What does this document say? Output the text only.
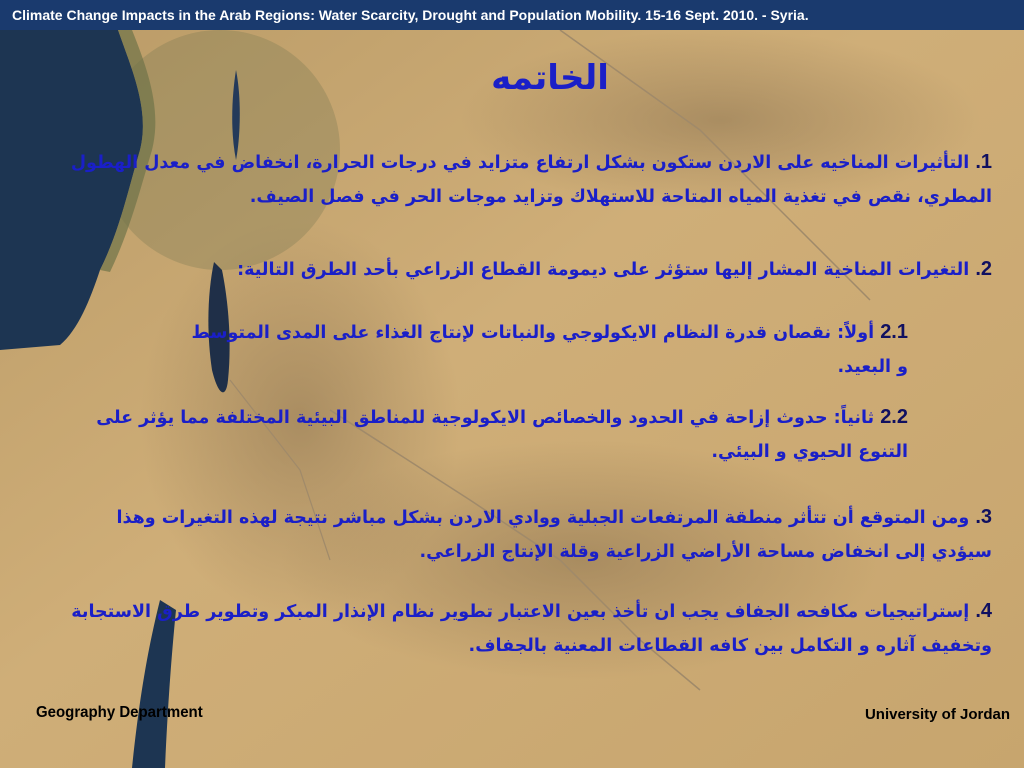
Climate Change Impacts in the Arab Regions: Water Scarcity, Drought and Population Mobility. 15-16 Sept. 2010. - Syria.
الخاتمه
1. التأثيرات المناخيه على الاردن ستكون بشكل ارتفاع متزايد في درجات الحرارة، انخفاض في معدل الهطول المطري، نقص في تغذية المياه المتاحة للاستهلاك وتزايد موجات الحر في فصل الصيف.
2. التغيرات المناخية المشار إليها ستؤثر على ديمومة القطاع الزراعي بأحد الطرق التالية:
2.1 أولاً: نقصان قدرة النظام الايكولوجي والنباتات لإنتاج الغذاء على المدى المتوسط و البعيد.
2.2 ثانياً: حدوث إزاحة في الحدود والخصائص الايكولوجية للمناطق البيئية المختلفة مما يؤثر على التنوع الحيوي و البيئي.
3. ومن المتوقع أن تتأثر منطقة المرتفعات الجبلية ووادي الاردن بشكل مباشر نتيجة لهذه التغيرات وهذا سيؤدي إلى انخفاض مساحة الأراضي الزراعية وقلة الإنتاج الزراعي.
4. إستراتيجيات مكافحه الجفاف يجب ان تأخذ بعين الاعتبار تطوير نظام الإنذار المبكر وتطوير طرق الاستجابة وتخفيف آثاره و التكامل بين كافه القطاعات المعنية بالجفاف.
Geography Department	University of Jordan
